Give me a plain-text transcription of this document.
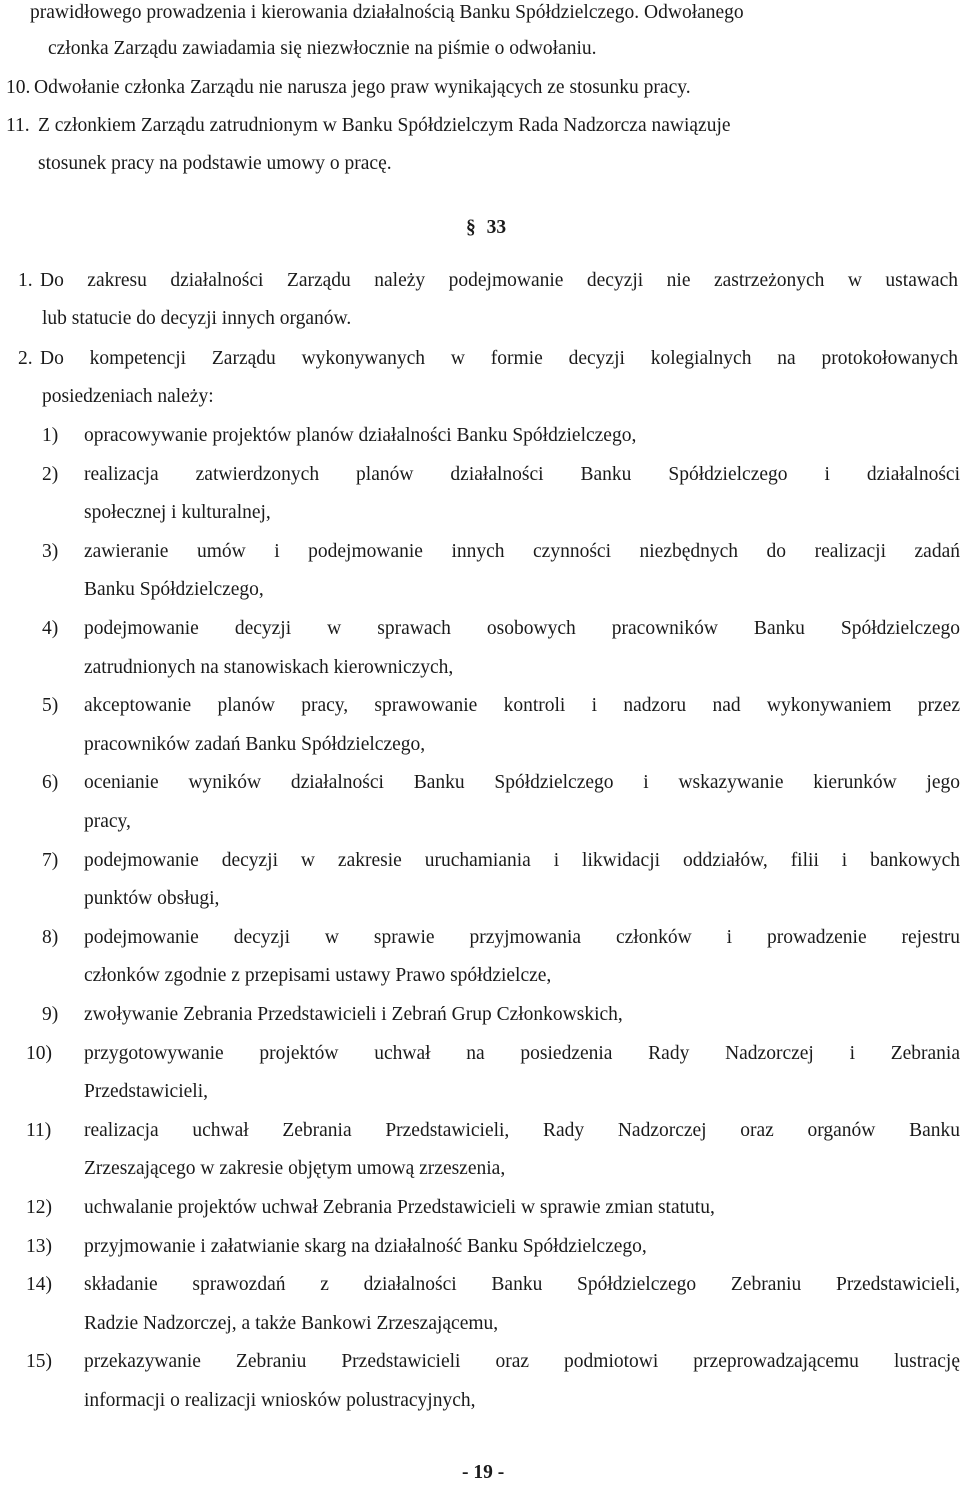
prawidłowego prowadzenia i kierowania działalnością Banku Spółdzielczego. Odwołanego
członka Zarządu zawiadamia się niezwłocznie na piśmie o odwołaniu.
10. Odwołanie członka Zarządu nie narusza jego praw wynikających ze stosunku pracy.
11. Z członkiem Zarządu zatrudnionym w Banku Spółdzielczym Rada Nadzorcza nawiązuje
stosunek pracy na podstawie umowy o pracę.
§ 33
1. Do zakresu działalności Zarządu należy podejmowanie decyzji nie zastrzeżonych w ustawach
lub statucie do decyzji innych organów.
2. Do kompetencji Zarządu wykonywanych w formie decyzji kolegialnych na protokołowanych
posiedzeniach należy:
1) opracowywanie projektów planów działalności Banku Spółdzielczego,
2) realizacja zatwierdzonych planów działalności Banku Spółdzielczego i działalności
społecznej i kulturalnej,
3) zawieranie umów i podejmowanie innych czynności niezbędnych do realizacji zadań
Banku Spółdzielczego,
4) podejmowanie decyzji w sprawach osobowych pracowników Banku Spółdzielczego
zatrudnionych na stanowiskach kierowniczych,
5) akceptowanie planów pracy, sprawowanie kontroli i nadzoru nad wykonywaniem przez
pracowników zadań Banku Spółdzielczego,
6) ocenianie wyników działalności Banku Spółdzielczego i wskazywanie kierunków jego
pracy,
7) podejmowanie decyzji w zakresie uruchamiania i likwidacji oddziałów, filii i bankowych
punktów obsługi,
8) podejmowanie decyzji w sprawie przyjmowania członków i prowadzenie rejestru
członków zgodnie z przepisami ustawy Prawo spółdzielcze,
9) zwoływanie Zebrania Przedstawicieli i Zebrań Grup Członkowskich,
10) przygotowywanie projektów uchwał na posiedzenia Rady Nadzorczej i Zebrania
Przedstawicieli,
11) realizacja uchwał Zebrania Przedstawicieli, Rady Nadzorczej oraz organów Banku
Zrzeszającego w zakresie objętym umową zrzeszenia,
12) uchwalanie projektów uchwał Zebrania Przedstawicieli w sprawie zmian statutu,
13) przyjmowanie i załatwianie skarg na działalność Banku Spółdzielczego,
14) składanie sprawozdań z działalności Banku Spółdzielczego Zebraniu Przedstawicieli,
Radzie Nadzorczej, a także Bankowi Zrzeszającemu,
15) przekazywanie Zebraniu Przedstawicieli oraz podmiotowi przeprowadzającemu lustrację
informacji o realizacji wniosków polustracyjnych,
- 19 -
